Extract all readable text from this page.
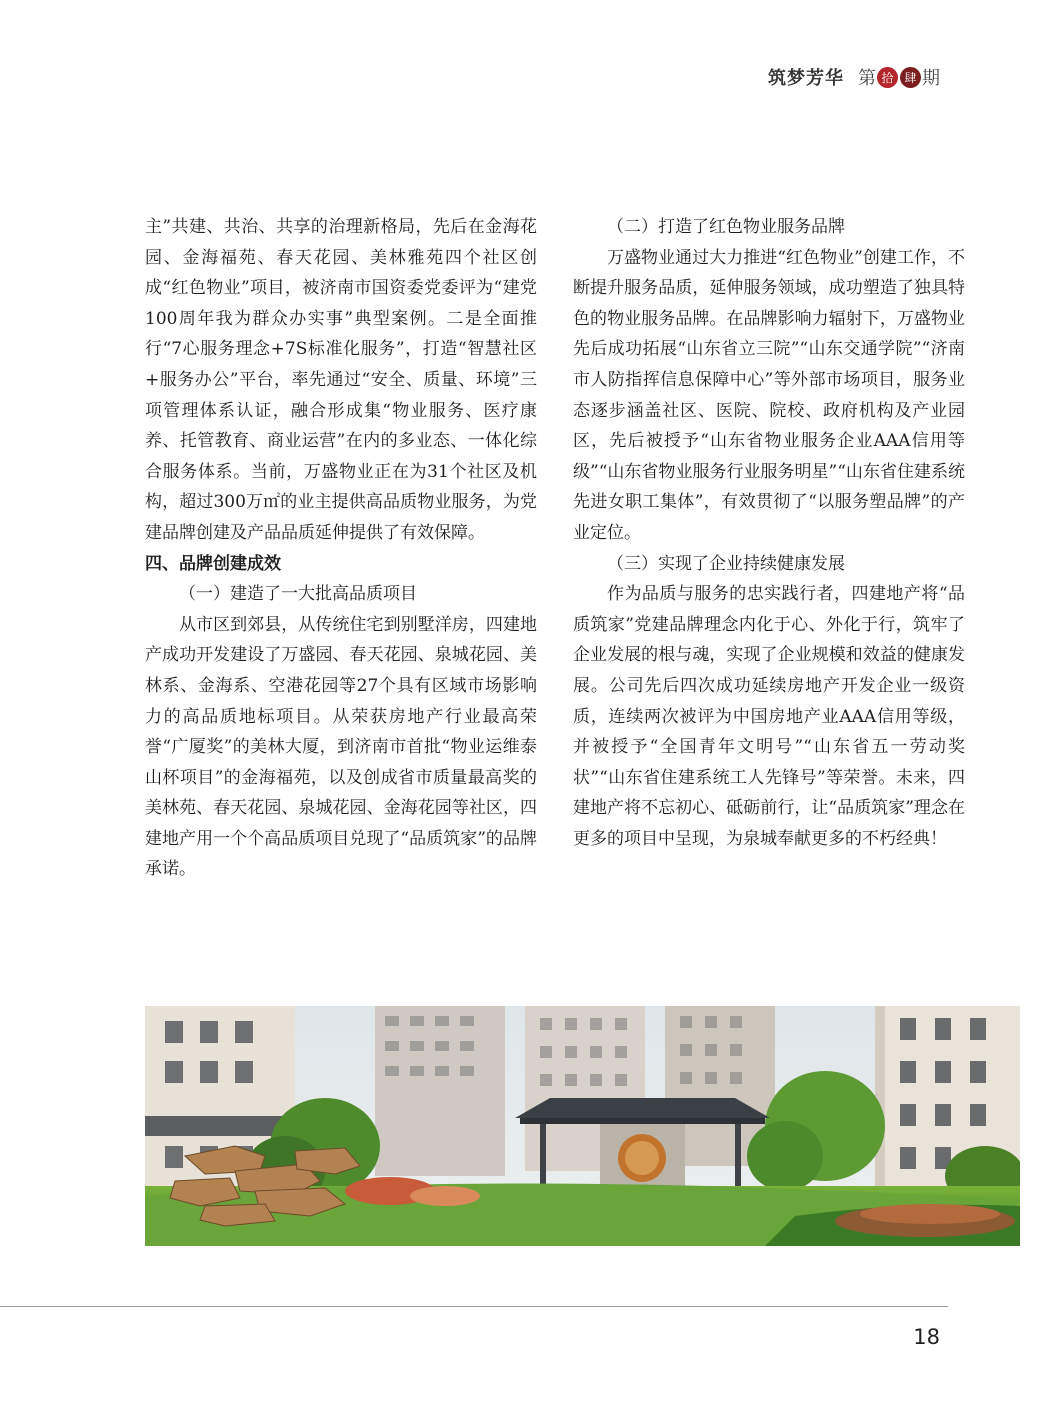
筑梦芳华 第 拾 肆 期

主”共建、共治、共享的治理新格局，先后在金海花园、金海福苑、春天花园、美林雅苑四个社区创成“红色物业”项目，被济南市国资委党委评为“建党100周年我为群众办实事”典型案例。二是全面推行“7心服务理念+7S标准化服务”，打造“智慧社区+服务办公”平台，率先通过“安全、质量、环境”三项管理体系认证，融合形成集“物业服务、医疗康养、托管教育、商业运营”在内的多业态、一体化综合服务体系。当前，万盛物业正在为31个社区及机构，超过300万㎡的业主提供高品质物业服务，为党建品牌创建及产品品质延伸提供了有效保障。

四、品牌创建成效

（一）建造了一大批高品质项目

从市区到郊县，从传统住宅到别墅洋房，四建地产成功开发建设了万盛园、春天花园、泉城花园、美林系、金海系、空港花园等27个具有区域市场影响力的高品质地标项目。从荣获房地产行业最高荣誉“广厦奖”的美林大厦，到济南市首批“物业运维泰山杯项目”的金海福苑，以及创成省市质量最高奖的美林苑、春天花园、泉城花园、金海花园等社区，四建地产用一个个高品质项目兑现了“品质筑家”的品牌承诺。

（二）打造了红色物业服务品牌

万盛物业通过大力推进“红色物业”创建工作，不断提升服务品质，延伸服务领域，成功塑造了独具特色的物业服务品牌。在品牌影响力辐射下，万盛物业先后成功拓展“山东省立三院”“山东交通学院”“济南市人防指挥信息保障中心”等外部市场项目，服务业态逐步涵盖社区、医院、院校、政府机构及产业园区，先后被授予“山东省物业服务企业AAA信用等级”“山东省物业服务行业服务明星”“山东省住建系统先进女职工集体”，有效贯彻了“以服务塑品牌”的产业定位。

（三）实现了企业持续健康发展

作为品质与服务的忠实践行者，四建地产将“品质筑家”党建品牌理念内化于心、外化于行，筑牢了企业发展的根与魂，实现了企业规模和效益的健康发展。公司先后四次成功延续房地产开发企业一级资质，连续两次被评为中国房地产业AAA信用等级，并被授予“全国青年文明号”“山东省五一劳动奖状”“山东省住建系统工人先锋号”等荣誉。未来，四建地产将不忘初心、砥砺前行，让“品质筑家”理念在更多的项目中呈现，为泉城奉献更多的不朽经典！

18
